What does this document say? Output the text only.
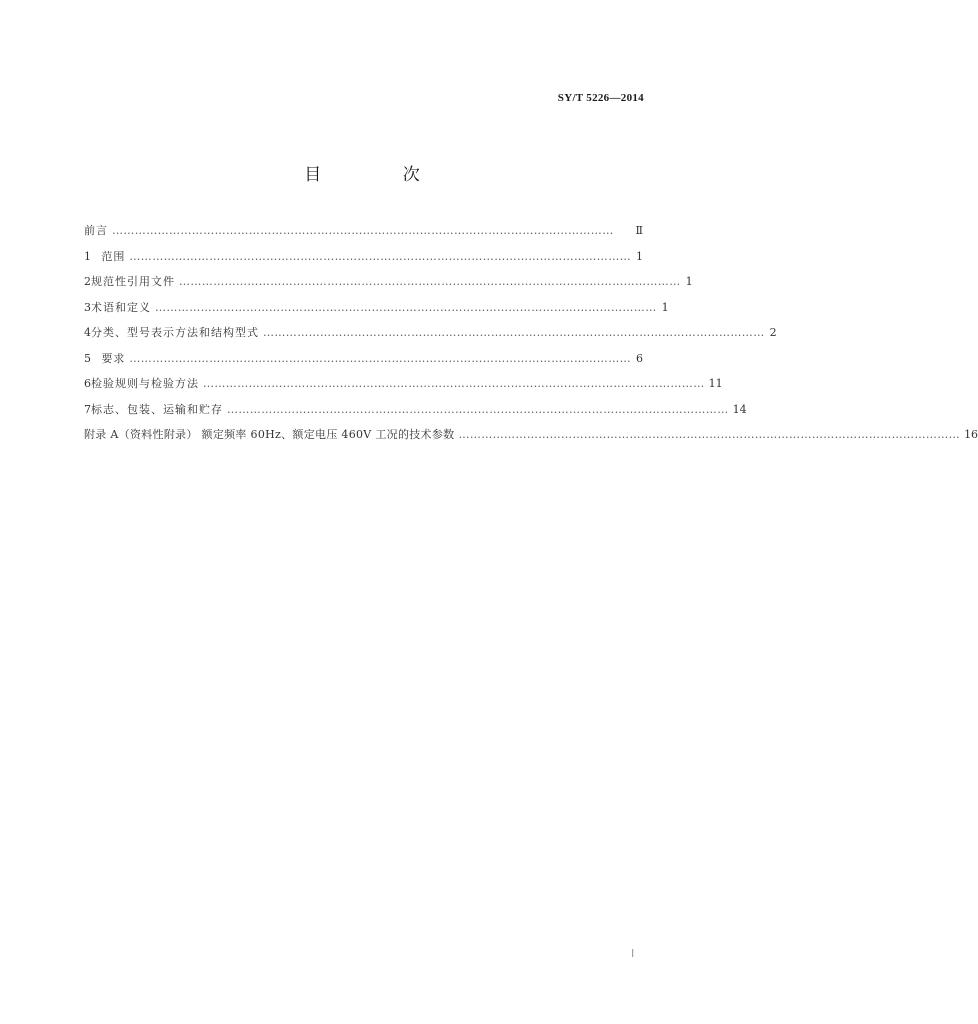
SY/T 5226—2014
目 次
前言 ……………………………………………………………………………………………………………………	Ⅱ
1 范围 …………………………………………………………………………………………………………………… 1
2 规范性引用文件 …………………………………………………………………………………………………………………… 1
3 术语和定义 …………………………………………………………………………………………………………………… 1
4 分类、型号表示方法和结构型式 …………………………………………………………………………………………………………………… 2
5 要求 …………………………………………………………………………………………………………………… 6
6 检验规则与检验方法 …………………………………………………………………………………………………………………… 11
7 标志、包装、运输和贮存 …………………………………………………………………………………………………………………… 14
附录 A（资料性附录） 额定频率 60Hz、额定电压 460V 工况的技术参数 …………………………………………………………………………………………………………………… 16
Ⅰ
